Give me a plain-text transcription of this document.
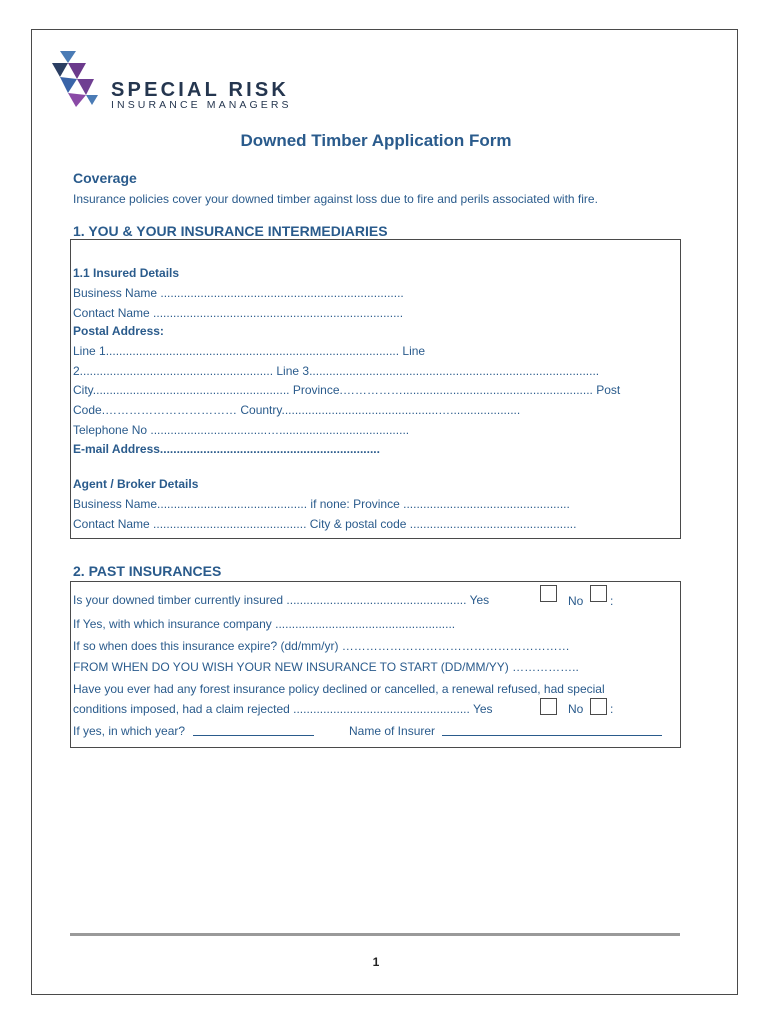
SPECIAL RISK
INSURANCE MANAGERS
Downed Timber Application Form
Coverage
Insurance policies cover your downed timber against loss due to fire and perils associated with fire.
1. YOU & YOUR INSURANCE INTERMEDIARIES
1.1 Insured Details
Business Name .........................................................................
Contact Name ...........................................................................
Postal Address:
Line 1........................................................................................ Line
2.......................................................... Line 3.......................................................................................
City........................................................... Province.……………......................................................... Post
Code.…………………………… Country...............................................….....................
Telephone No ...................................….......................................
E-mail Address..................................................................
Agent / Broker Details
Business Name............................................. if none: Province ..................................................
Contact Name .............................................. City & postal code ..................................................
2. PAST INSURANCES
Is your downed timber currently insured ...................................................... Yes	No :
If Yes, with which insurance company ......................................................
If so when does this insurance expire? (dd/mm/yr) …………………………………………………
FROM WHEN DO YOU WISH YOUR NEW INSURANCE TO START (DD/MM/YY) ……………..
Have you ever had any forest insurance policy declined or cancelled, a renewal refused, had special
conditions imposed, had a claim rejected ..................................................... Yes	No :
If yes, in which year?	Name of Insurer
1
